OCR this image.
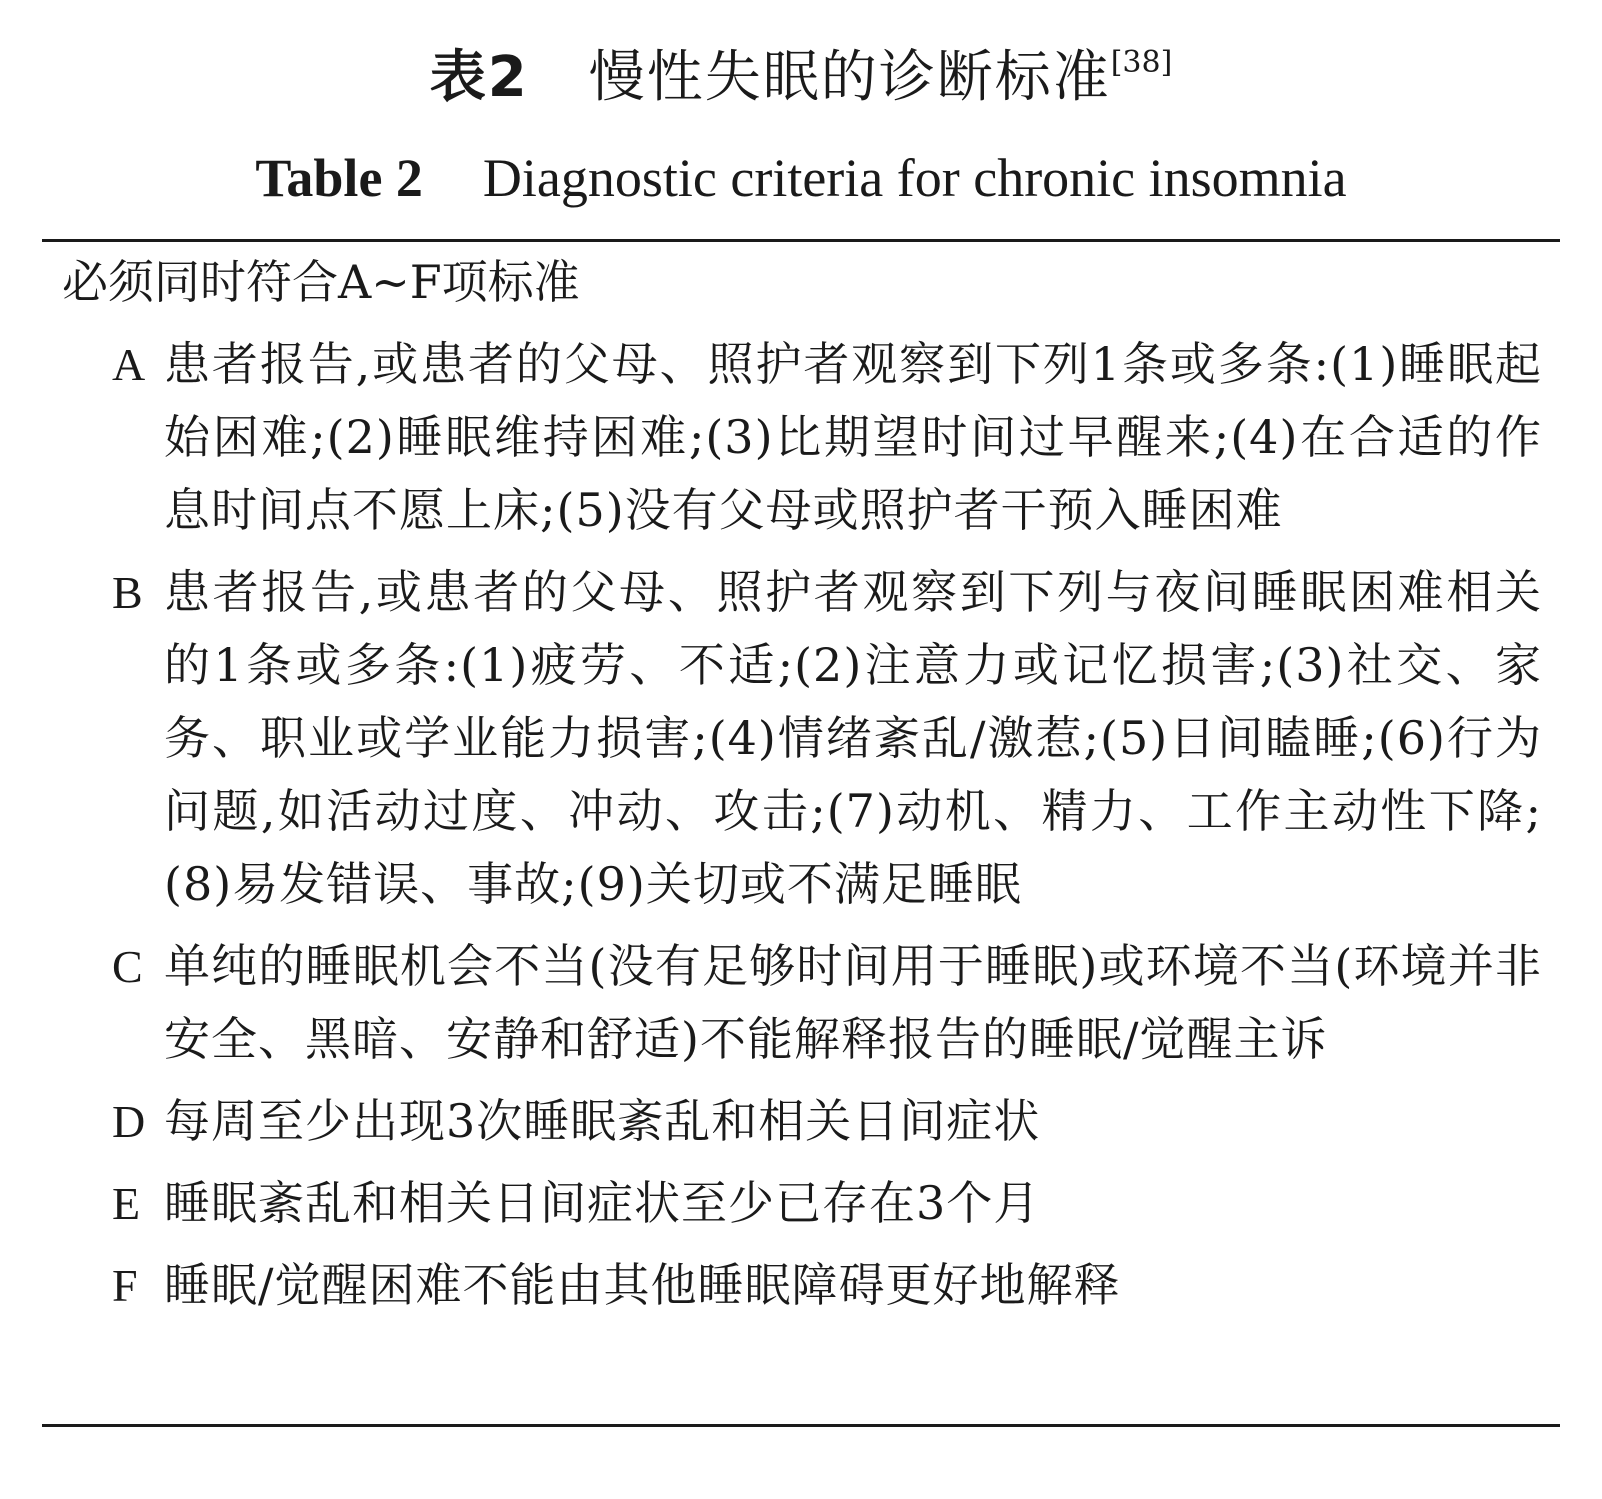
表2 慢性失眠的诊断标准[38]
Table 2 Diagnostic criteria for chronic insomnia
必须同时符合A~F项标准
A 患者报告,或患者的父母、照护者观察到下列1条或多条:(1)睡眠起始困难;(2)睡眠维持困难;(3)比期望时间过早醒来;(4)在合适的作息时间点不愿上床;(5)没有父母或照护者干预入睡困难
B 患者报告,或患者的父母、照护者观察到下列与夜间睡眠困难相关的1条或多条:(1)疲劳、不适;(2)注意力或记忆损害;(3)社交、家务、职业或学业能力损害;(4)情绪紊乱/激惹;(5)日间瞌睡;(6)行为问题,如活动过度、冲动、攻击;(7)动机、精力、工作主动性下降;(8)易发错误、事故;(9)关切或不满足睡眠
C 单纯的睡眠机会不当(没有足够时间用于睡眠)或环境不当(环境并非安全、黑暗、安静和舒适)不能解释报告的睡眠/觉醒主诉
D 每周至少出现3次睡眠紊乱和相关日间症状
E 睡眠紊乱和相关日间症状至少已存在3个月
F 睡眠/觉醒困难不能由其他睡眠障碍更好地解释
